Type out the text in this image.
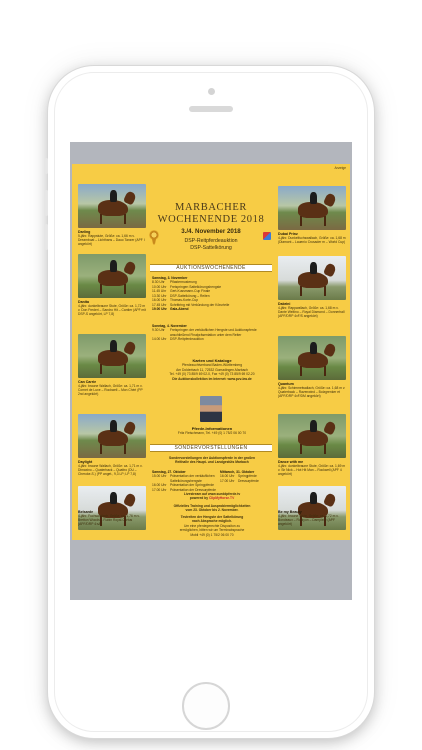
Anzeige
Darling
5-jähr. Rappstute, Größe: ca. 1,66 m v. Dreamboat – Lichthans – Dauo Tanzer (APF I angekört)
Danita
4-jähr. dunkelbraune Stute, Größe: ca. 1,72 m v. Don Frederi – Sandro Hit – Cantier (APF mit DSP-S angekört, LP 7,8)
Can Carrie
4-jähr. braune Wallach, Größe: ca. 1,71 m v. Cornet de Luxe – Rockwell – Mon Chéri (PP 2nd angekört)
Daylight
4-jähr. braune Wallach, Größe: ca. 1,71 m v. Dimaxino – Quaterback – Quattro (DU – Cheroke-S.) (PP anget., 9,3 LP; LP 7,8)
Belsarde
4-jähr. Fuchswallach, Größe: ca. 1,76 m v. Bretton Woods – Rubin Royal-Cortus (APF/DRP 4:sA)
Dubai Prinz
4-jähr. Dunkelfuchswallach, Größe: ca. 1,68 m (Diamont – Lauenio Crusader m – World Cup)
Dabrini
4-jähr. Rappwallach, Größe: ca. 1,68 m v. Dante Weltino – Royal Diamond – Donnerhall (APF/DRP 4xF/S angekört)
Quantum
4-jähr. Schimmelwallach, Größe: ca. 1,68 m v. Quaterback – Ravenwind – Bolzgrenker et (APF/DRP 4xF/DM angekört)
Dance with me
4-jähr. dunkelbraune Stute, Größe: ca. 1,69 m v. Sir Nick – Hot Hit Man – Rockwell (APF 4 angekört)
Be my Beauty
4-jähr. braune Stute, Größe: ca. 1,72 m v. Bondeaux – Rubiyon – Dampiere (APF angekört)
MARBACHER
WOCHENENDE 2018
3./4. November 2018
DSP-Reitpferdeauktion
DSP-Sattelkörung
AUKTIONSWOCHENENDE
Samstag, 3. November
8.30 Uhr	Pflastermusterung
10.00 Uhr	Freispringen Sattelkörungshengste
11.45 Uhr	Gert-Kussmann-Cup Finale
13.30 Uhr	DSP-Sattelkörung – Reiten
16.00 Uhr	Thomas-Korte-Cup
17.45 Uhr	Schrittring mit Verkündung der Körurteile
19.00 Uhr Gala-Abend
Sonntag, 4. November
9.30 Uhr	Freispringen der verkäuflichen Hengste und Auktionspferde anschließend Finalpräsentation unter dem Reiter
14.00 Uhr	DSP-Reitpferdeauktion
Karten und Kataloge
Pferdezuchtverband Baden-Württemberg
Am Dolderbach 11, 72532 Gomadingen-Marbach
Tel. +49 (0) 73 85/9 69 02-0, Fax +49 (0) 73 85/9 69 02-20
Die Auktionskollektion im Internet: www.pzv-bw.de
Pferde-Informationen
Fritz Fleischmann, Tel. +49 (0) 1 75/2 06 00 70
SONDERVORSTELLUNGEN
Sondervorstellungen der Auktionspferde in der großen
Reithalle des Haupt- und Landgestüts Marbach
Samstag, 27. Oktober
15.00 Uhr	Präsentation der verkäuflichen Sattelkörungshengste
16.00 Uhr	Präsentation der Springpferde
17.00 Uhr	Präsentation der Dressurpferde
Mittwoch, 31. Oktober
16.00 Uhr	Springpferde
17.00 Uhr	Dressurpferde
Livestream auf www.sueddpferde.tv
powered by ClipMyHorse.TV
Offizielles Training und Ausprobiermöglichkeiten
vom 23. Oktober bis 2. November.
Testreiten der Hengste der Sattelkörung
nach Absprache möglich.
Um eine pferdegerechte Dispositon zu
ermöglichen, bitten wir um Terminabsprache
Mobil +49 (0) 1 75/2 06 00 70
